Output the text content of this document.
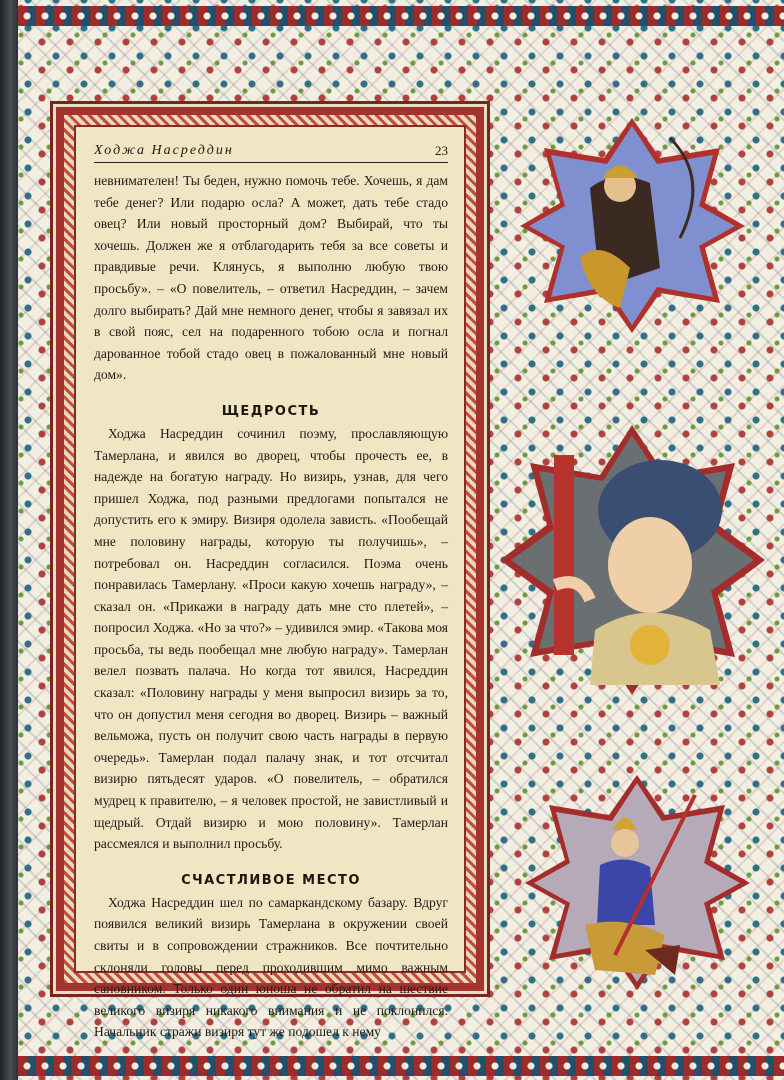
Ходжа Насреддин	23

невнимателен! Ты беден, нужно помочь тебе. Хочешь, я дам тебе денег? Или подарю осла? А может, дать тебе стадо овец? Или новый просторный дом? Выбирай, что ты хочешь. Должен же я отблагодарить тебя за все советы и правдивые речи. Клянусь, я выполню любую твою просьбу». – «О повелитель, – ответил Насреддин, – зачем долго выбирать? Дай мне немного денег, чтобы я завязал их в свой пояс, сел на подаренного тобою осла и погнал дарованное тобой стадо овец в пожалованный мне новый дом».

ЩЕДРОСТЬ

Ходжа Насреддин сочинил поэму, прославляющую Тамерлана, и явился во дворец, чтобы прочесть ее, в надежде на богатую награду. Но визирь, узнав, для чего пришел Ходжа, под разными предлогами попытался не допустить его к эмиру. Визиря одолела зависть. «Пообещай мне половину награды, которую ты получишь», – потребовал он. Насреддин согласился. Поэма очень понравилась Тамерлану. «Проси какую хочешь награду», – сказал он. «Прикажи в награду дать мне сто плетей», – попросил Ходжа. «Но за что?» – удивился эмир. «Такова моя просьба, ты ведь пообещал мне любую награду». Тамерлан велел позвать палача. Но когда тот явился, Насреддин сказал: «Половину награды у меня выпросил визирь за то, что он допустил меня сегодня во дворец. Визирь – важный вельможа, пусть он получит свою часть награды в первую очередь». Тамерлан подал палачу знак, и тот отсчитал визирю пятьдесят ударов. «О повелитель, – обратился мудрец к правителю, – я человек простой, не завистливый и щедрый. Отдай визирю и мою половину». Тамерлан рассмеялся и выполнил просьбу.

СЧАСТЛИВОЕ МЕСТО

Ходжа Насреддин шел по самаркандскому базару. Вдруг появился великий визирь Тамерлана в окружении своей свиты и в сопровождении стражников. Все почтительно склоняли головы перед проходившим мимо важным сановником. Только один юноша не обратил на шествие великого визиря никакого внимания и не поклонился. Начальник стражи визиря тут же подошел к нему
